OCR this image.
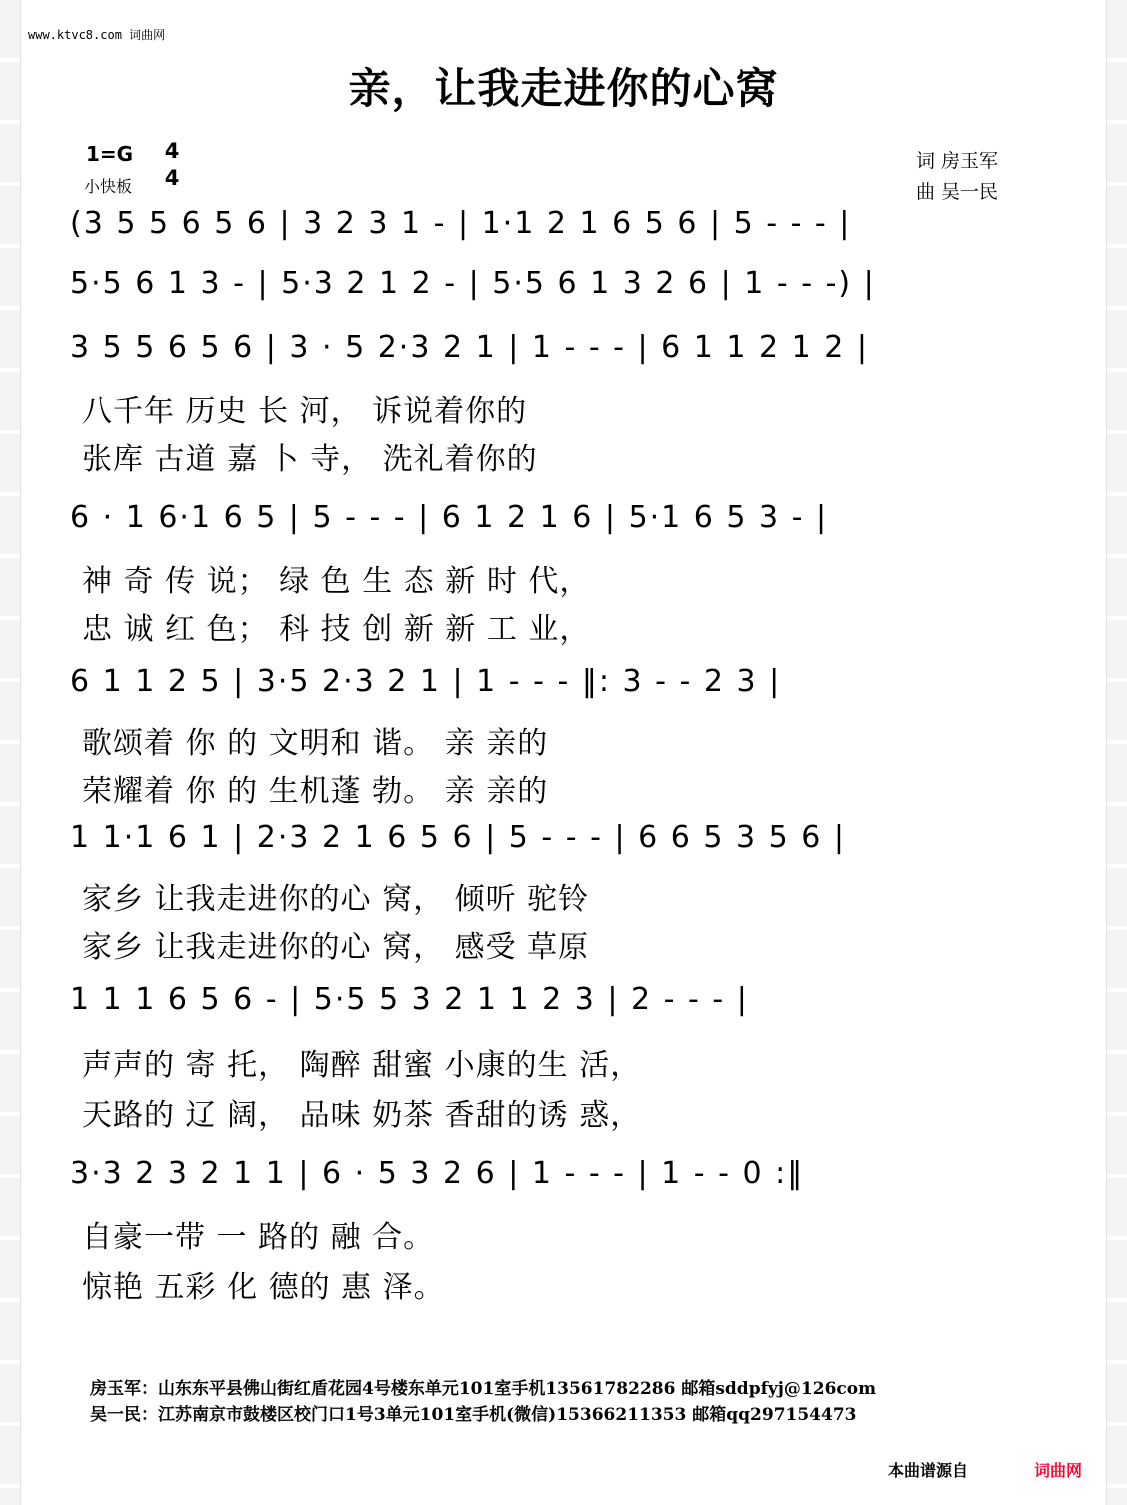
www.ktvc8.com 词曲网
亲，让我走进你的心窝
1=G
小快板
4
4
词 房玉军
曲 吴一民
(3 5 5 6 5 6 | 3 2 3 1 - | 1·1 2 1 6 5 6 | 5 - - - |
5·5 6 1 3 - | 5·3 2 1 2 - | 5·5 6 1 3 2 6 | 1 - - -) |
3 5 5 6 5 6 | 3 · 5 2·3 2 1 | 1 - - - | 6 1 1 2 1 2 |
八千年 历史 长 河， 诉说着你的
张库 古道 嘉 卜 寺， 洗礼着你的
6 · 1 6·1 6 5 | 5 - - - | 6 1 2 1 6 | 5·1 6 5 3 - |
神 奇 传 说； 绿 色 生 态 新 时 代，
忠 诚 红 色； 科 技 创 新 新 工 业，
6 1 1 2 5 | 3·5 2·3 2 1 | 1 - - - ‖: 3 - - 2 3 |
歌颂着 你 的 文明和 谐。 亲 亲的
荣耀着 你 的 生机蓬 勃。 亲 亲的
1 1·1 6 1 | 2·3 2 1 6 5 6 | 5 - - - | 6 6 5 3 5 6 |
家乡 让我走进你的心 窝， 倾听 驼铃
家乡 让我走进你的心 窝， 感受 草原
1 1 1 6 5 6 - | 5·5 5 3 2 1 1 2 3 | 2 - - - |
声声的 寄 托， 陶醉 甜蜜 小康的生 活，
天路的 辽 阔， 品味 奶茶 香甜的诱 惑，
3·3 2 3 2 1 1 | 6 · 5 3 2 6 | 1 - - - | 1 - - 0 :‖
自豪一带 一 路的 融 合。
惊艳 五彩 化 德的 惠 泽。
房玉军：山东东平县佛山街红盾花园4号楼东单元101室手机13561782286 邮箱sddpfyj@126com
吴一民：江苏南京市鼓楼区校门口1号3单元101室手机(微信)15366211353 邮箱qq297154473
本曲谱源自	词曲网
